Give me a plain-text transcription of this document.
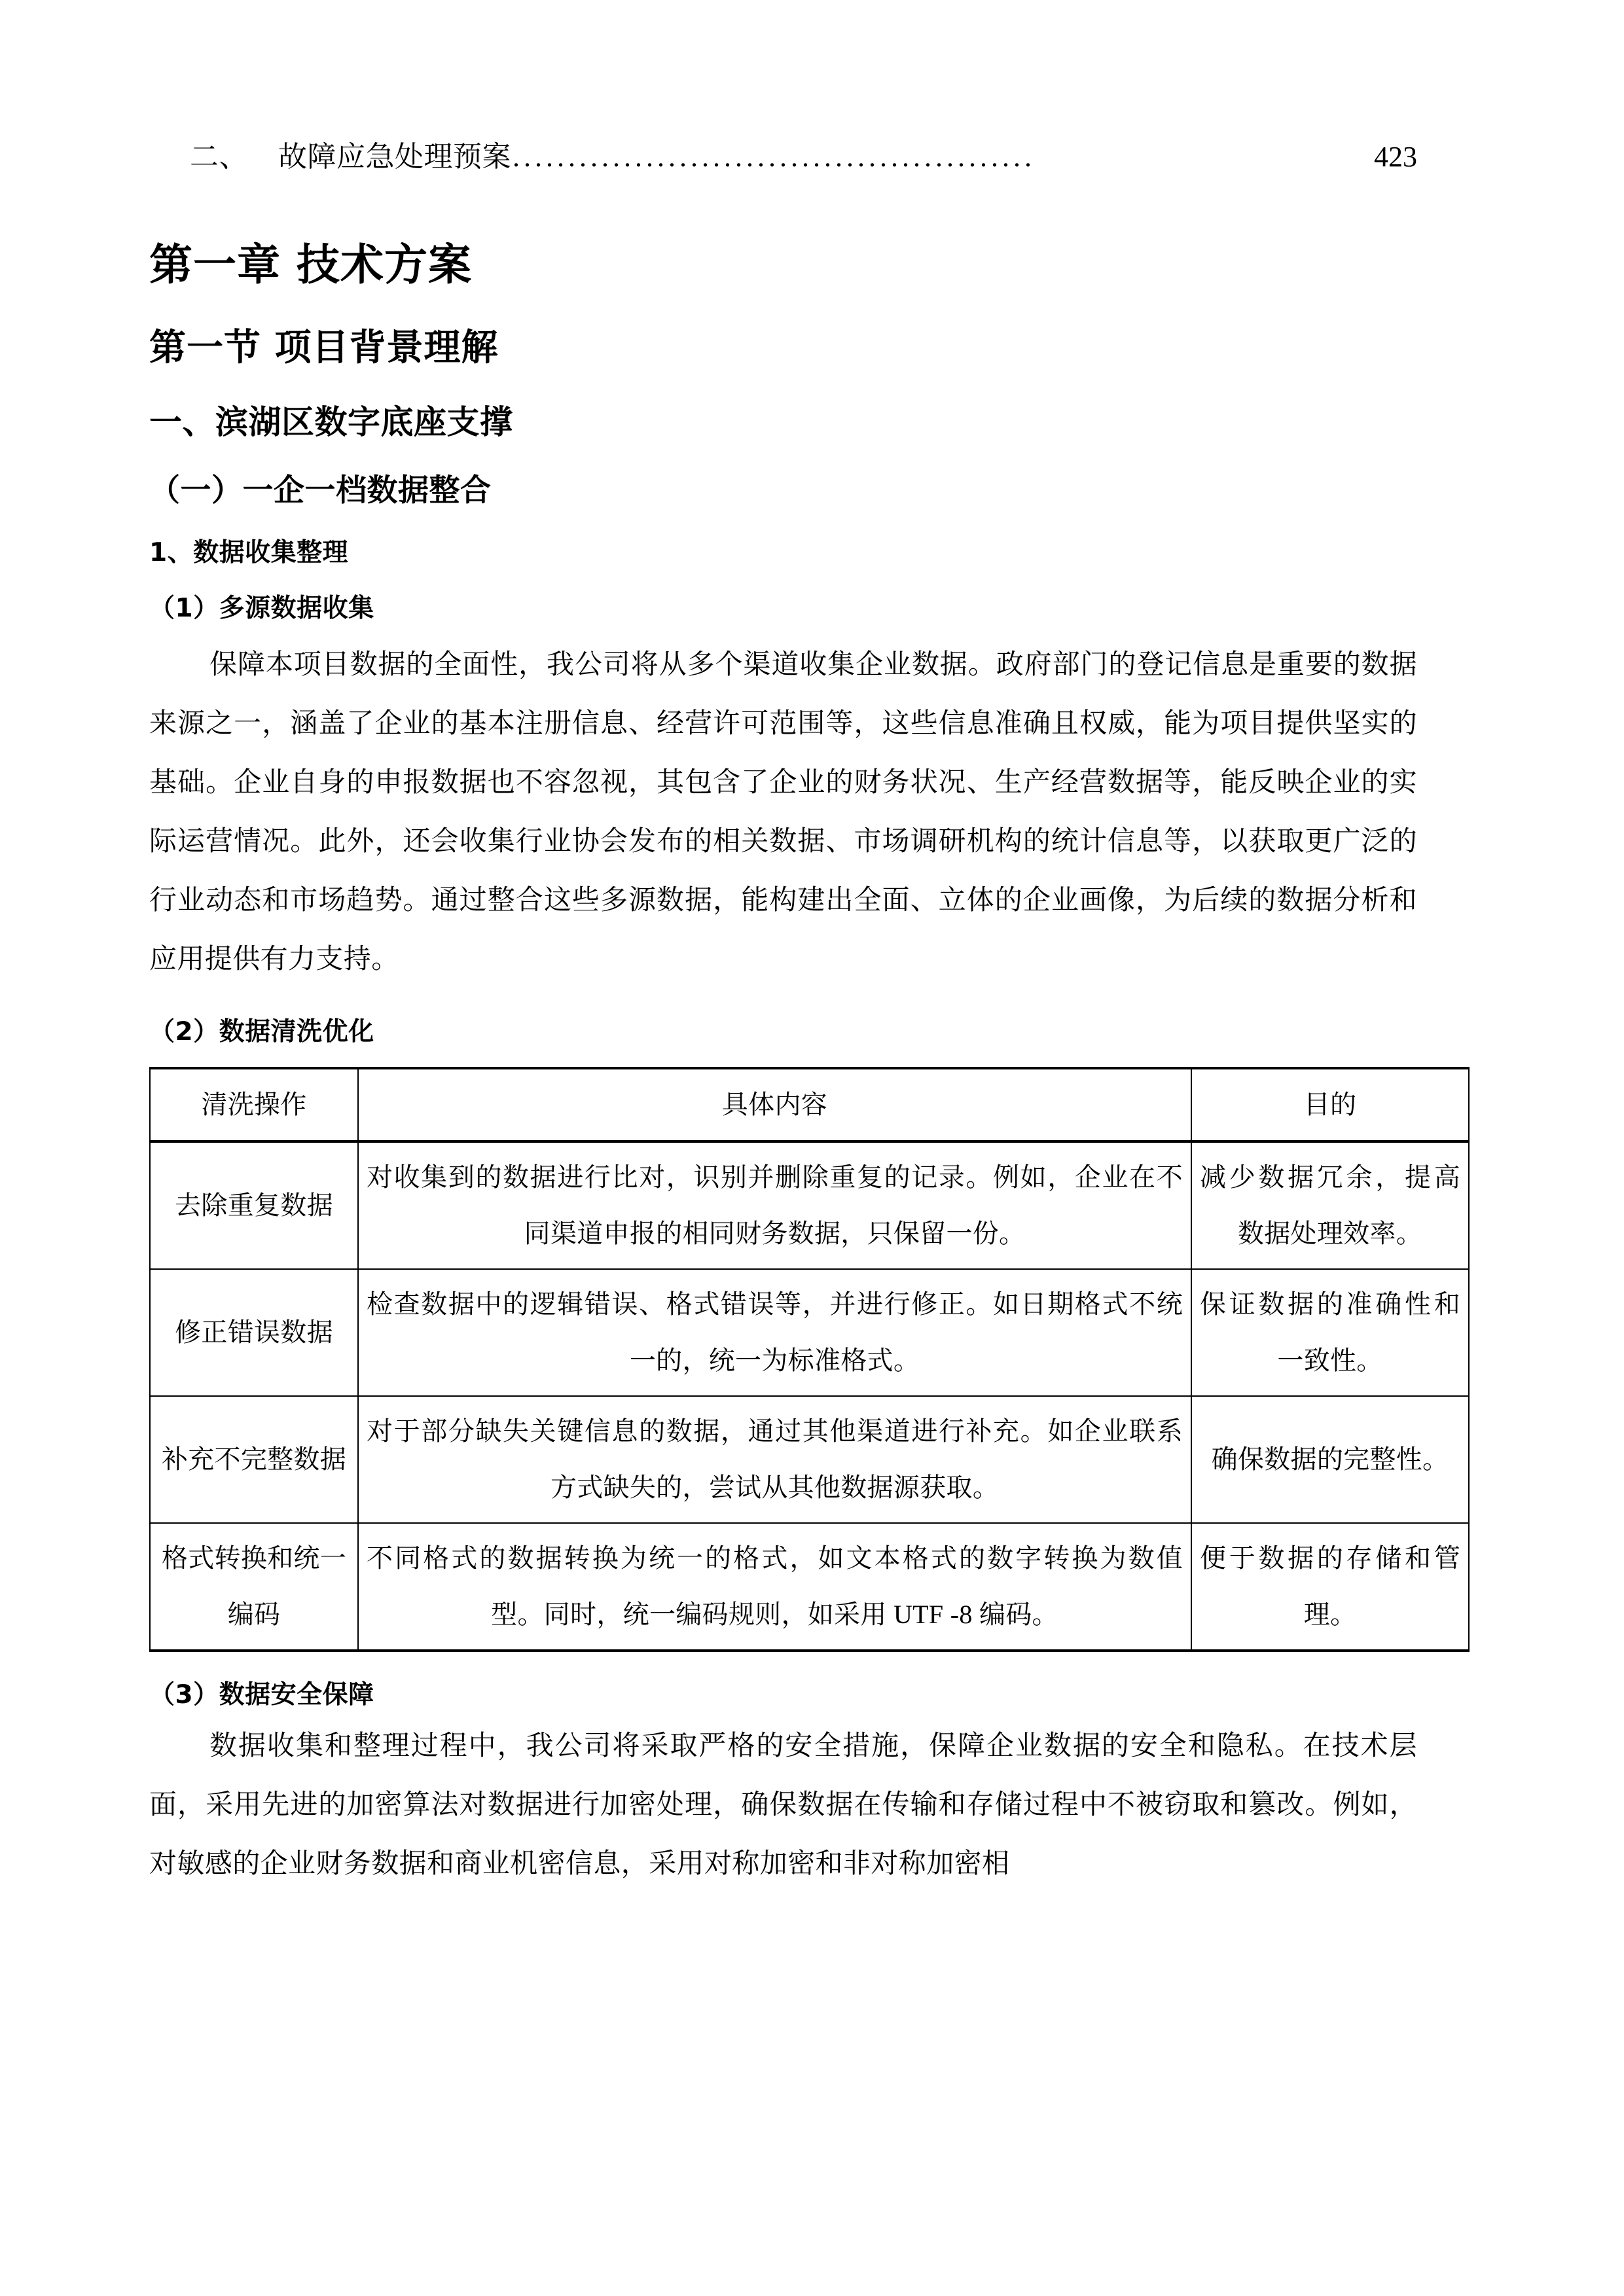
二、 故障应急处理预案 ...............................................	423
第一章 技术方案
第一节 项目背景理解
一、滨湖区数字底座支撑
（一）一企一档数据整合
1、数据收集整理
（1）多源数据收集

保障本项目数据的全面性，我公司将从多个渠道收集企业数据。政府部门的登记信息是重要的数据来源之一，涵盖了企业的基本注册信息、经营许可范围等，这些信息准确且权威，能为项目提供坚实的基础。企业自身的申报数据也不容忽视，其包含了企业的财务状况、生产经营数据等，能反映企业的实际运营情况。此外，还会收集行业协会发布的相关数据、市场调研机构的统计信息等，以获取更广泛的行业动态和市场趋势。通过整合这些多源数据，能构建出全面、立体的企业画像，为后续的数据分析和应用提供有力支持。

（2）数据清洗优化
清洗操作	具体内容	目的
去除重复数据	对收集到的数据进行比对，识别并删除重复的记录。例如，企业在不同渠道申报的相同财务数据，只保留一份。	减少数据冗余，提高数据处理效率。
修正错误数据	检查数据中的逻辑错误、格式错误等，并进行修正。如日期格式不统一的，统一为标准格式。	保证数据的准确性和一致性。
补充不完整数据	对于部分缺失关键信息的数据，通过其他渠道进行补充。如企业联系方式缺失的，尝试从其他数据源获取。	确保数据的完整性。
格式转换和统一编码	不同格式的数据转换为统一的格式，如文本格式的数字转换为数值型。同时，统一编码规则，如采用 UTF -8 编码。	便于数据的存储和管理。
（3）数据安全保障

数据收集和整理过程中，我公司将采取严格的安全措施，保障企业数据的安全和隐私。在技术层面，采用先进的加密算法对数据进行加密处理，确保数据在传输和存储过程中不被窃取和篡改。例如，对敏感的企业财务数据和商业机密信息，采用对称加密和非对称加密相
